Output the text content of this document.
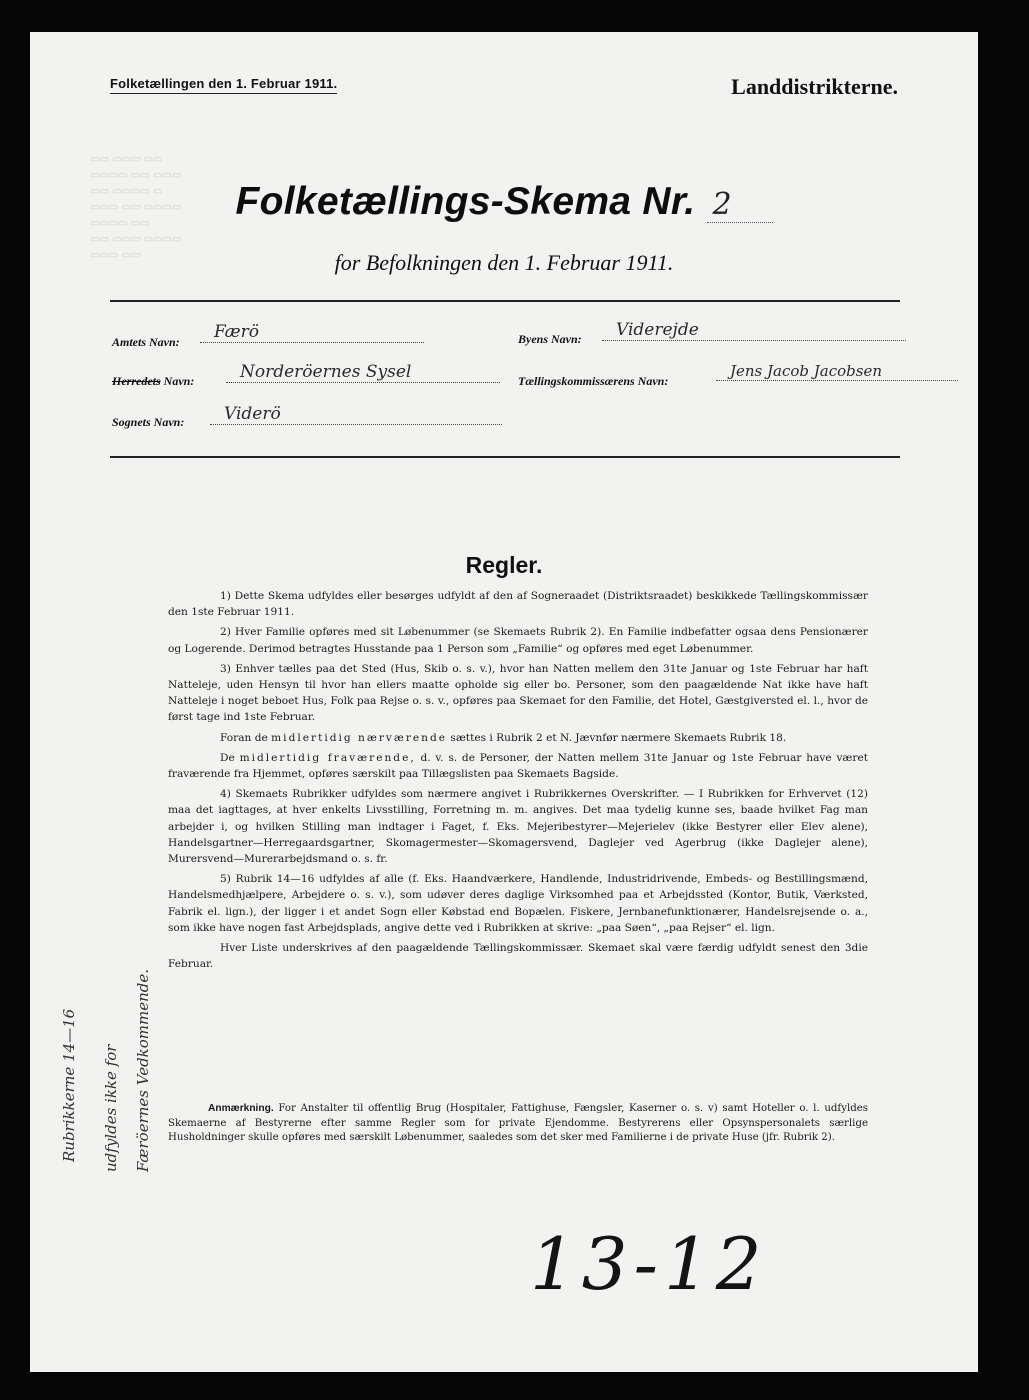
▭▭ ▭▭▭ ▭▭
▭▭▭▭ ▭▭ ▭▭▭
▭▭ ▭▭▭▭ ▭
▭▭▭ ▭▭ ▭▭▭▭
▭▭▭▭ ▭▭
▭▭ ▭▭▭ ▭▭▭▭
▭▭▭ ▭▭
Folketællingen den 1. Februar 1911.	Landdistrikterne.
Folketællings-Skema Nr. 2
for Befolkningen den 1. Februar 1911.
Amtets Navn:	Færö
Herredets Navn:	Norderöernes Sysel
Sognets Navn:	Viderö
Byens Navn:	Viderejde
Tællingskommissærens Navn:
Jens Jacob Jacobsen
Regler.

1) Dette Skema udfyldes eller besørges udfyldt af den af Sogneraadet (Distriktsraadet) beskikkede Tællingskommissær den 1ste Februar 1911.

2) Hver Familie opføres med sit Løbenummer (se Skemaets Rubrik 2). En Familie indbefatter ogsaa dens Pensionærer og Logerende. Derimod betragtes Husstande paa 1 Person som „Familie“ og opføres med eget Løbenummer.

3) Enhver tælles paa det Sted (Hus, Skib o. s. v.), hvor han Natten mellem den 31te Januar og 1ste Februar har haft Natteleje, uden Hensyn til hvor han ellers maatte opholde sig eller bo. Personer, som den paagældende Nat ikke have haft Natteleje i noget beboet Hus, Folk paa Rejse o. s. v., opføres paa Skemaet for den Familie, det Hotel, Gæstgiversted el. l., hvor de først tage ind 1ste Februar.

Foran de midlertidig nærværende sættes i Rubrik 2 et N. Jævnfør nærmere Skemaets Rubrik 18.

De midlertidig fraværende, d. v. s. de Personer, der Natten mellem 31te Januar og 1ste Februar have været fraværende fra Hjemmet, opføres særskilt paa Tillægslisten paa Skemaets Bagside.

4) Skemaets Rubrikker udfyldes som nærmere angivet i Rubrikkernes Overskrifter. — I Rubrikken for Erhvervet (12) maa det iagttages, at hver enkelts Livsstilling, Forretning m. m. angives. Det maa tydelig kunne ses, baade hvilket Fag man arbejder i, og hvilken Stilling man indtager i Faget, f. Eks. Mejeribestyrer—Mejerielev (ikke Bestyrer eller Elev alene), Handelsgartner—Herregaardsgartner, Skomagermester—Skomagersvend, Daglejer ved Agerbrug (ikke Daglejer alene), Murersvend—Murerarbejdsmand o. s. fr.

5) Rubrik 14—16 udfyldes af alle (f. Eks. Haandværkere, Handlende, Industridrivende, Embeds- og Bestillingsmænd, Handelsmedhjælpere, Arbejdere o. s. v.), som udøver deres daglige Virksomhed paa et Arbejdssted (Kontor, Butik, Værksted, Fabrik el. lign.), der ligger i et andet Sogn eller Købstad end Bopælen. Fiskere, Jernbanefunktionærer, Handelsrejsende o. a., som ikke have nogen fast Arbejdsplads, angive dette ved i Rubrikken at skrive: „paa Søen“, „paa Rejser“ el. lign.

Hver Liste underskrives af den paagældende Tællingskommissær. Skemaet skal være færdig udfyldt senest den 3die Februar.

Anmærkning. For Anstalter til offentlig Brug (Hospitaler, Fattighuse, Fængsler, Kaserner o. s. v) samt Hoteller o. l. udfyldes Skemaerne af Bestyrerne efter samme Regler som for private Ejendomme. Bestyrerens eller Opsynspersonalets særlige Husholdninger skulle opføres med særskilt Løbenummer, saaledes som det sker med Familierne i de private Huse (jfr. Rubrik 2).
Rubrikkerne 14—16 udfyldes ikke for Færöernes Vedkommende.
13-12
